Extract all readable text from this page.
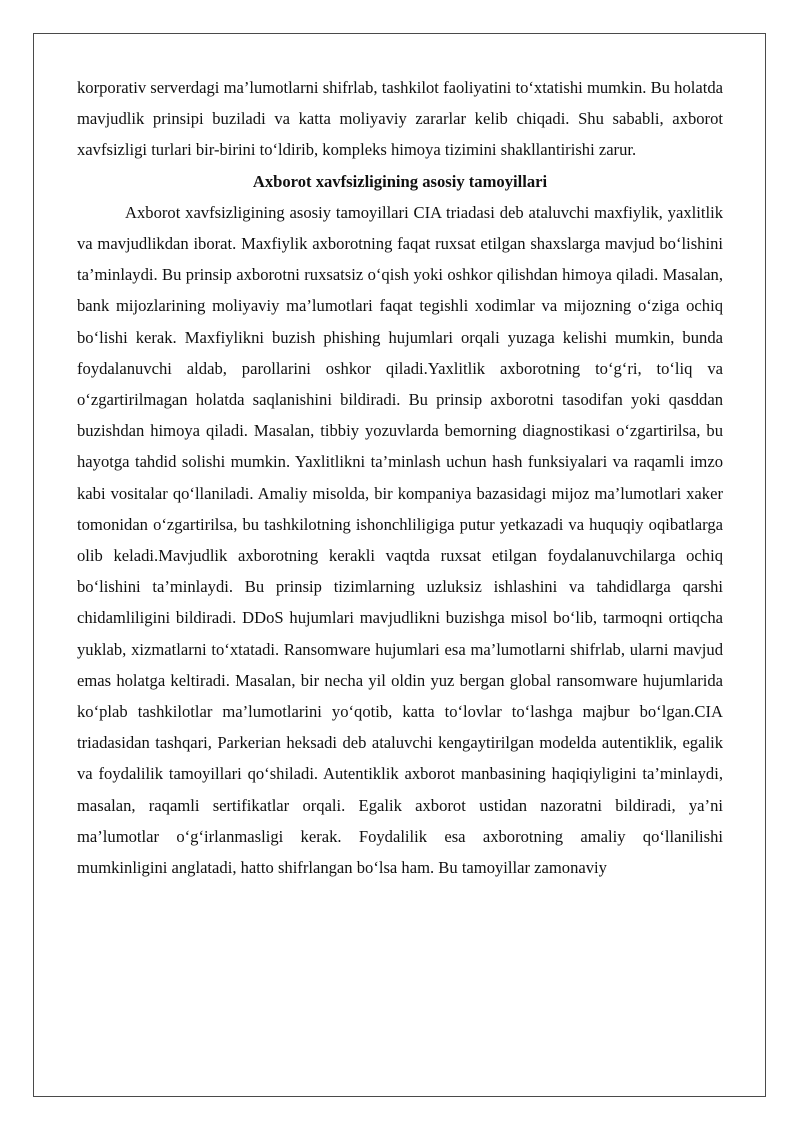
korporativ serverdagi ma’lumotlarni shifrlab, tashkilot faoliyatini to‘xtatishi mumkin. Bu holatda mavjudlik prinsipi buziladi va katta moliyaviy zararlar kelib chiqadi. Shu sababli, axborot xavfsizligi turlari bir-birini to‘ldirib, kompleks himoya tizimini shakllantirishi zarur.

Axborot xavfsizligining asosiy tamoyillari

Axborot xavfsizligining asosiy tamoyillari CIA triadasi deb ataluvchi maxfiylik, yaxlitlik va mavjudlikdan iborat. Maxfiylik axborotning faqat ruxsat etilgan shaxslarga mavjud bo‘lishini ta’minlaydi. Bu prinsip axborotni ruxsatsiz o‘qish yoki oshkor qilishdan himoya qiladi. Masalan, bank mijozlarining moliyaviy ma’lumotlari faqat tegishli xodimlar va mijozning o‘ziga ochiq bo‘lishi kerak. Maxfiylikni buzish phishing hujumlari orqali yuzaga kelishi mumkin, bunda foydalanuvchi aldab, parollarini oshkor qiladi.Yaxlitlik axborotning to‘g‘ri, to‘liq va o‘zgartirilmagan holatda saqlanishini bildiradi. Bu prinsip axborotni tasodifan yoki qasddan buzishdan himoya qiladi. Masalan, tibbiy yozuvlarda bemorning diagnostikasi o‘zgartirilsa, bu hayotga tahdid solishi mumkin. Yaxlitlikni ta’minlash uchun hash funksiyalari va raqamli imzo kabi vositalar qo‘llaniladi. Amaliy misolda, bir kompaniya bazasidagi mijoz ma’lumotlari xaker tomonidan o‘zgartirilsa, bu tashkilotning ishonchliligiga putur yetkazadi va huquqiy oqibatlarga olib keladi.Mavjudlik axborotning kerakli vaqtda ruxsat etilgan foydalanuvchilarga ochiq bo‘lishini ta’minlaydi. Bu prinsip tizimlarning uzluksiz ishlashini va tahdidlarga qarshi chidamliligini bildiradi. DDoS hujumlari mavjudlikni buzishga misol bo‘lib, tarmoqni ortiqcha yuklab, xizmatlarni to‘xtatadi. Ransomware hujumlari esa ma’lumotlarni shifrlab, ularni mavjud emas holatga keltiradi. Masalan, bir necha yil oldin yuz bergan global ransomware hujumlarida ko‘plab tashkilotlar ma’lumotlarini yo‘qotib, katta to‘lovlar to‘lashga majbur bo‘lgan.CIA triadasidan tashqari, Parkerian heksadi deb ataluvchi kengaytirilgan modelda autentiklik, egalik va foydalilik tamoyillari qo‘shiladi. Autentiklik axborot manbasining haqiqiyligini ta’minlaydi, masalan, raqamli sertifikatlar orqali. Egalik axborot ustidan nazoratni bildiradi, ya’ni ma’lumotlar o‘g‘irlanmasligi kerak. Foydalilik esa axborotning amaliy qo‘llanilishi mumkinligini anglatadi, hatto shifrlangan bo‘lsa ham. Bu tamoyillar zamonaviy
